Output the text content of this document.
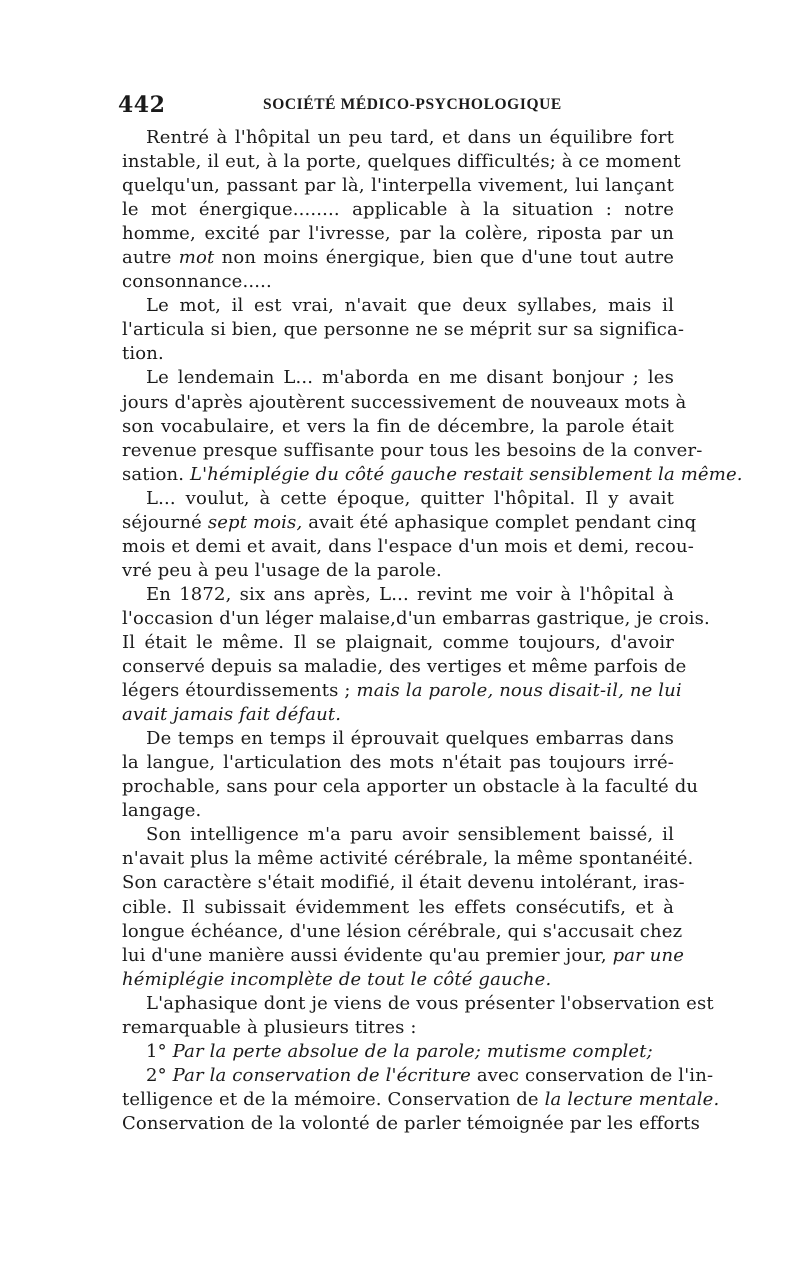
442	SOCIÉTÉ MÉDICO-PSYCHOLOGIQUE
Rentré à l'hôpital un peu tard, et dans un équilibre fort
instable, il eut, à la porte, quelques difficultés; à ce moment
quelqu'un, passant par là, l'interpella vivement, lui lançant
le mot énergique........ applicable à la situation : notre
homme, excité par l'ivresse, par la colère, riposta par un
autre mot non moins énergique, bien que d'une tout autre
consonnance.....
Le mot, il est vrai, n'avait que deux syllabes, mais il
l'articula si bien, que personne ne se méprit sur sa significa-
tion.
Le lendemain L... m'aborda en me disant bonjour ; les
jours d'après ajoutèrent successivement de nouveaux mots à
son vocabulaire, et vers la fin de décembre, la parole était
revenue presque suffisante pour tous les besoins de la conver-
sation. L'hémiplégie du côté gauche restait sensiblement la même.
L... voulut, à cette époque, quitter l'hôpital. Il y avait
séjourné sept mois, avait été aphasique complet pendant cinq
mois et demi et avait, dans l'espace d'un mois et demi, recou-
vré peu à peu l'usage de la parole.
En 1872, six ans après, L... revint me voir à l'hôpital à
l'occasion d'un léger malaise,d'un embarras gastrique, je crois.
Il était le même. Il se plaignait, comme toujours, d'avoir
conservé depuis sa maladie, des vertiges et même parfois de
légers étourdissements ; mais la parole, nous disait-il, ne lui
avait jamais fait défaut.
De temps en temps il éprouvait quelques embarras dans
la langue, l'articulation des mots n'était pas toujours irré-
prochable, sans pour cela apporter un obstacle à la faculté du
langage.
Son intelligence m'a paru avoir sensiblement baissé, il
n'avait plus la même activité cérébrale, la même spontanéité.
Son caractère s'était modifié, il était devenu intolérant, iras-
cible. Il subissait évidemment les effets consécutifs, et à
longue échéance, d'une lésion cérébrale, qui s'accusait chez
lui d'une manière aussi évidente qu'au premier jour, par une
hémiplégie incomplète de tout le côté gauche.
L'aphasique dont je viens de vous présenter l'observation est
remarquable à plusieurs titres :
1° Par la perte absolue de la parole; mutisme complet;
2° Par la conservation de l'écriture avec conservation de l'in-
telligence et de la mémoire. Conservation de la lecture mentale.
Conservation de la volonté de parler témoignée par les efforts
